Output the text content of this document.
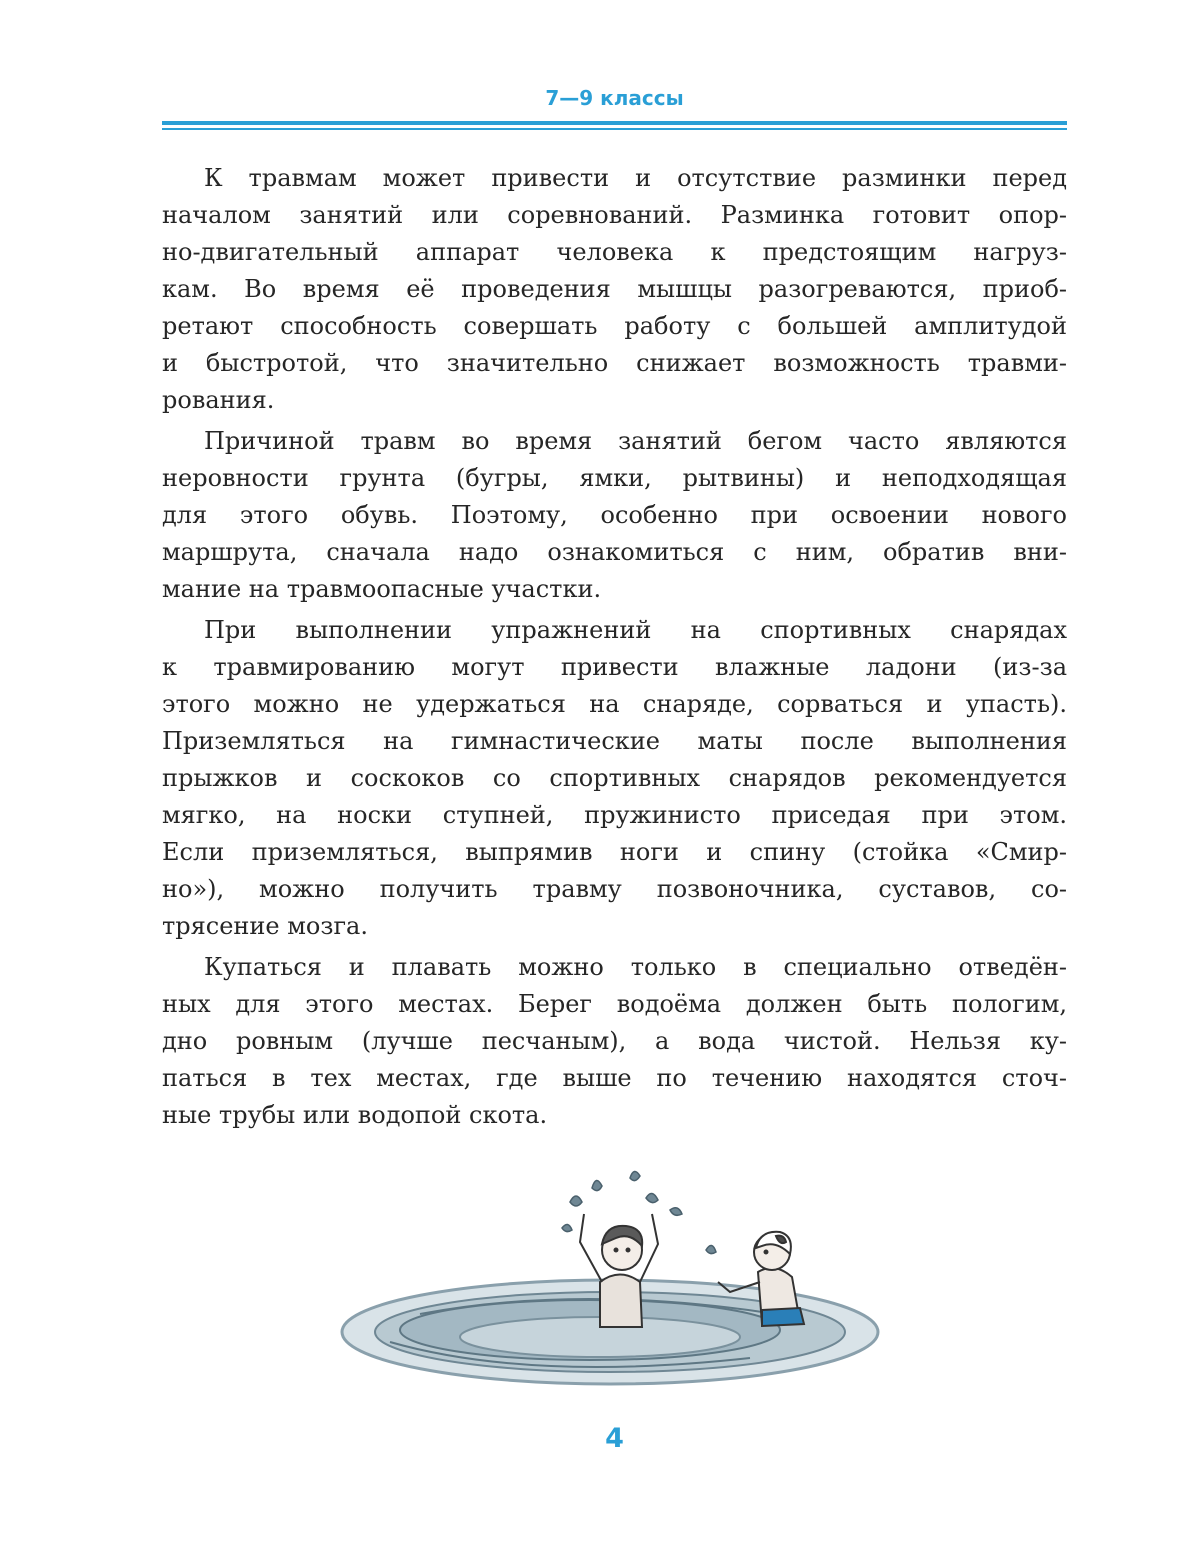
7—9 классы
К травмам может привести и отсутствие разминки перед
началом занятий или соревнований. Разминка готовит опор-
но-двигательный аппарат человека к предстоящим нагруз-
кам. Во время её проведения мышцы разогреваются, приоб-
ретают способность совершать работу с большей амплитудой
и быстротой, что значительно снижает возможность травми-
рования.
Причиной травм во время занятий бегом часто являются
неровности грунта (бугры, ямки, рытвины) и неподходящая
для этого обувь. Поэтому, особенно при освоении нового
маршрута, сначала надо ознакомиться с ним, обратив вни-
мание на травмоопасные участки.
При выполнении упражнений на спортивных снарядах
к травмированию могут привести влажные ладони (из-за
этого можно не удержаться на снаряде, сорваться и упасть).
Приземляться на гимнастические маты после выполнения
прыжков и соскоков со спортивных снарядов рекомендуется
мягко, на носки ступней, пружинисто приседая при этом.
Если приземляться, выпрямив ноги и спину (стойка «Смир-
но»), можно получить травму позвоночника, суставов, со-
трясение мозга.
Купаться и плавать можно только в специально отведён-
ных для этого местах. Берег водоёма должен быть пологим,
дно ровным (лучше песчаным), а вода чистой. Нельзя ку-
паться в тех местах, где выше по течению находятся сточ-
ные трубы или водопой скота.
4
